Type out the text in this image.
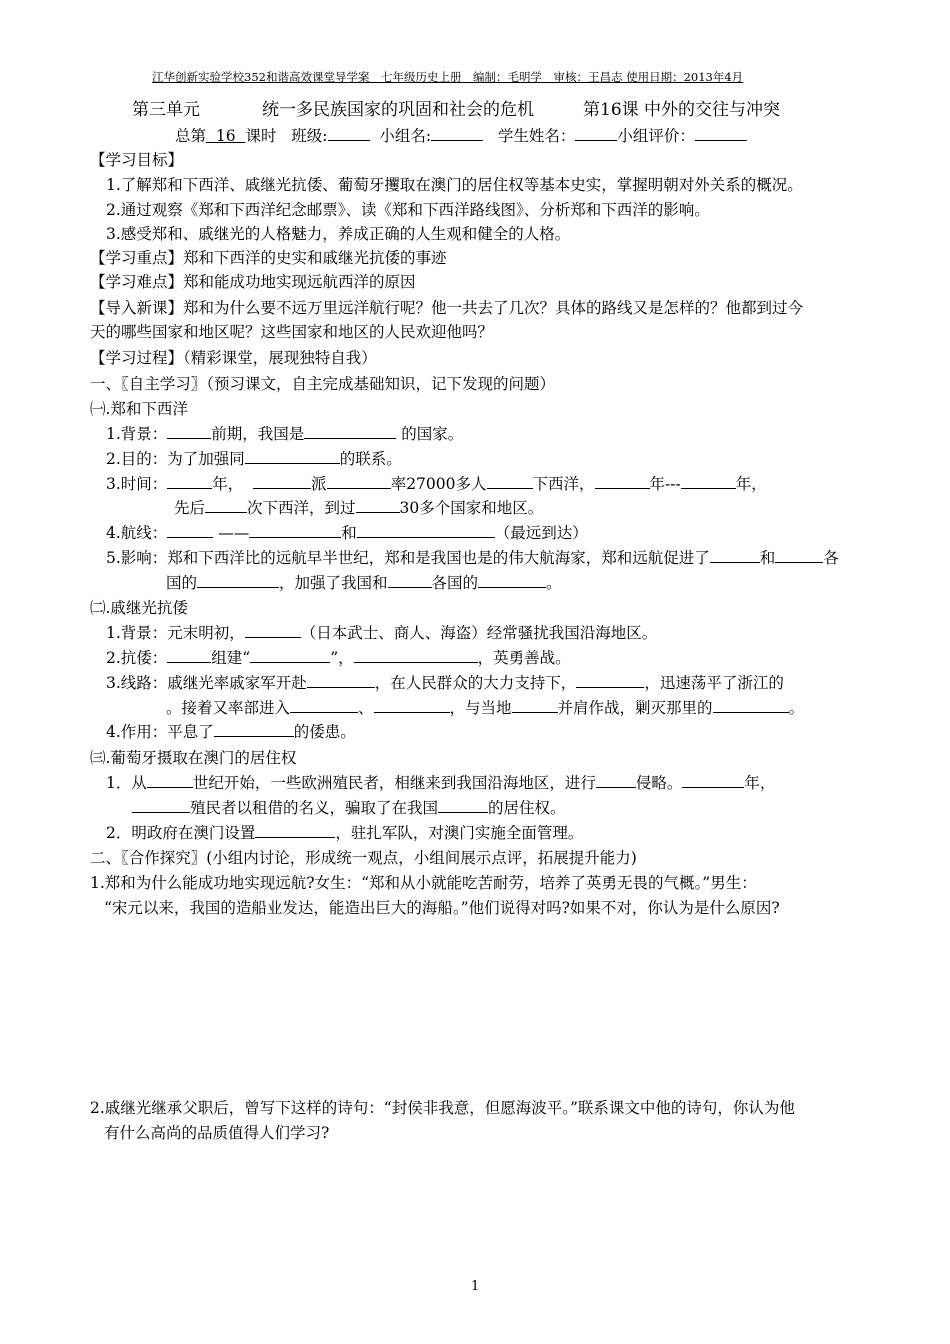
江华创新实验学校352和谐高效课堂导学案　七年级历史上册　编制：毛明学　审核：王昌志 使用日期：2013年4月
第三单元	统一多民族国家的巩固和社会的危机	第16课 中外的交往与冲突
总第 16 课时 班级:	小组名:	学生姓名：	小组评价：
【学习目标】
1.了解郑和下西洋、戚继光抗倭、葡萄牙攫取在澳门的居住权等基本史实，掌握明朝对外关系的概况。
2.通过观察《郑和下西洋纪念邮票》、读《郑和下西洋路线图》、分析郑和下西洋的影响。
3.感受郑和、戚继光的人格魅力，养成正确的人生观和健全的人格。
【学习重点】郑和下西洋的史实和戚继光抗倭的事迹
【学习难点】郑和能成功地实现远航西洋的原因
【导入新课】郑和为什么要不远万里远洋航行呢？他一共去了几次？具体的路线又是怎样的？他都到过今
天的哪些国家和地区呢？这些国家和地区的人民欢迎他吗？
【学习过程】（精彩课堂，展现独特自我）
一、〖自主学习〗（预习课文，自主完成基础知识，记下发现的问题）
㈠.郑和下西洋
1.背景：	前期，我国是	的国家。
2.目的：为了加强同	的联系。
3.时间：	年，	派	率27000多人	下西洋，	年---	年，
先后	次下西洋，到过	30多个国家和地区。
4.航线：	——	和	（最远到达）
5.影响：郑和下西洋比的远航早半世纪，郑和是我国也是的伟大航海家，郑和远航促进了	和	各
国的	，加强了我国和	各国的	。
㈡.戚继光抗倭
1.背景：元末明初，	（日本武士、商人、海盗）经常骚扰我国沿海地区。
2.抗倭：	组建“	”，	，英勇善战。
3.线路：戚继光率戚家军开赴	，在人民群众的大力支持下，	，迅速荡平了浙江的
。接着又率部进入	、	，与当地	并肩作战，剿灭那里的	。
4.作用：平息了	的倭患。
㈢.葡萄牙摄取在澳门的居住权
1．从	世纪开始，一些欧洲殖民者，相继来到我国沿海地区，进行	侵略。	年，
殖民者以租借的名义，骗取了在我国	的居住权。
2．明政府在澳门设置	，驻扎军队，对澳门实施全面管理。
二、〖合作探究〗(小组内讨论，形成统一观点，小组间展示点评，拓展提升能力)
1.郑和为什么能成功地实现远航?女生：“郑和从小就能吃苦耐劳，培养了英勇无畏的气概。”男生：
“宋元以来，我国的造船业发达，能造出巨大的海船。”他们说得对吗?如果不对，你认为是什么原因?
2.戚继光继承父职后，曾写下这样的诗句：“封侯非我意，但愿海波平。”联系课文中他的诗句，你认为他
有什么高尚的品质值得人们学习?
1
